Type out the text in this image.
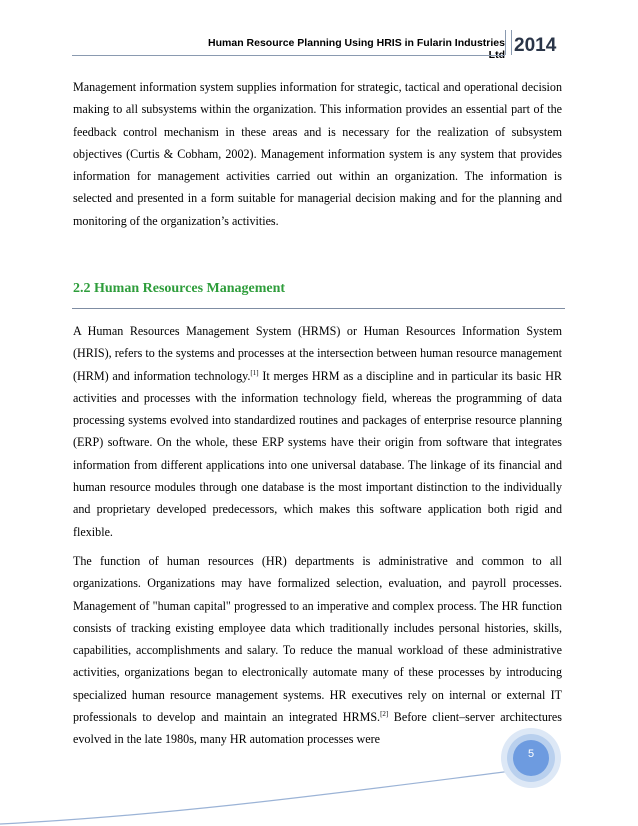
Human Resource Planning Using HRIS in Fularin Industries Ltd 2014

Management information system supplies information for strategic, tactical and operational decision making to all subsystems within the organization. This information provides an essential part of the feedback control mechanism in these areas and is necessary for the realization of subsystem objectives (Curtis & Cobham, 2002). Management information system is any system that provides information for management activities carried out within an organization. The information is selected and presented in a form suitable for managerial decision making and for the planning and monitoring of the organization’s activities.

2.2 Human Resources Management

A Human Resources Management System (HRMS) or Human Resources Information System (HRIS), refers to the systems and processes at the intersection between human resource management (HRM) and information technology.[1] It merges HRM as a discipline and in particular its basic HR activities and processes with the information technology field, whereas the programming of data processing systems evolved into standardized routines and packages of enterprise resource planning (ERP) software. On the whole, these ERP systems have their origin from software that integrates information from different applications into one universal database. The linkage of its financial and human resource modules through one database is the most important distinction to the individually and proprietary developed predecessors, which makes this software application both rigid and flexible.

The function of human resources (HR) departments is administrative and common to all organizations. Organizations may have formalized selection, evaluation, and payroll processes. Management of "human capital" progressed to an imperative and complex process. The HR function consists of tracking existing employee data which traditionally includes personal histories, skills, capabilities, accomplishments and salary. To reduce the manual workload of these administrative activities, organizations began to electronically automate many of these processes by introducing specialized human resource management systems. HR executives rely on internal or external IT professionals to develop and maintain an integrated HRMS.[2] Before client–server architectures evolved in the late 1980s, many HR automation processes were

5
